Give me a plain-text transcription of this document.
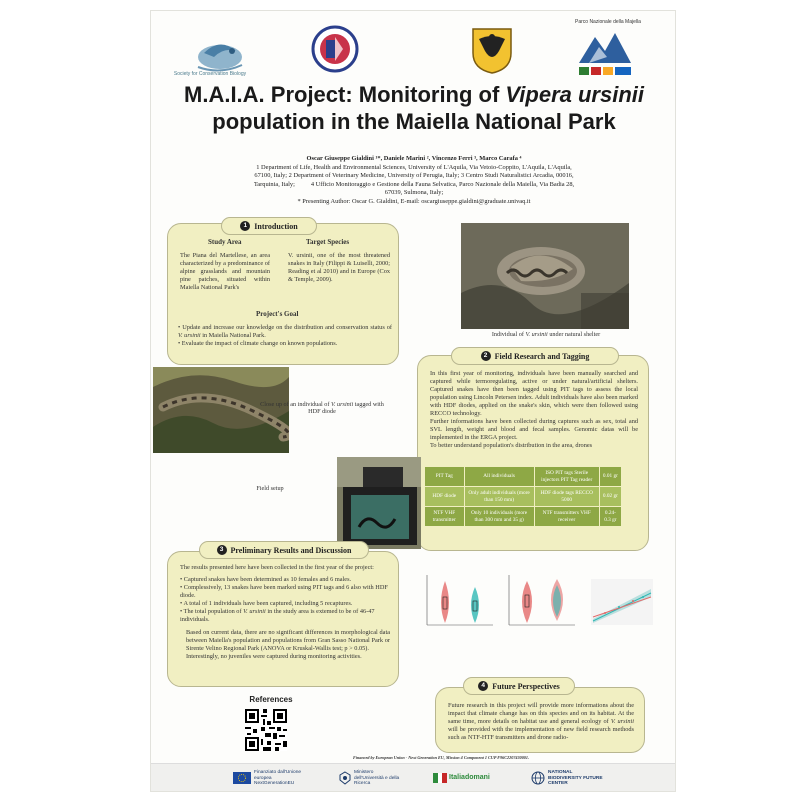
Society for Conservation Biology
Parco Nazionale della Majella
M.A.I.A. Project: Monitoring of Vipera ursinii
population in the Maiella National Park
Oscar Giuseppe Gialdini ¹*, Daniele Marini ², Vincenzo Ferri ³, Marco Carafa ⁴
1 Department of Life, Health and Environmental Sciences, University of L'Aquila, Via Vetoio-Coppito, L'Aquila, L'Aquila,
67100, Italy; 2 Department of Veterinary Medicine, University of Perugia, Italy; 3 Centro Studi Naturalistici Arcadia, 00016,
Tarquinia, Italy;          4 Ufficio Monitoraggio e Gestione della Fauna Selvatica, Parco Nazionale della Maiella, Via Badia 28,
67039, Sulmona, Italy;
* Presenting Author: Oscar G. Gialdini, E-mail: oscargiuseppe.gialdini@graduate.univaq.it
Study Area	Target Species
The Piana del Martellese, an area characterized by a predominance of alpine grasslands and mountain pine patches, situated within Maiella National Park's
V. ursinii, one of the most threatened snakes in Italy (Filippi & Luiselli, 2000; Reading et al 2010) and in Europe (Cox & Temple, 2009).
Project's Goal
• Update and increase our knowledge on the distribution and conservation status of V. ursinii in Maiella National Park.
• Evaluate the impact of climate change on known populations.
1 Introduction
Individual of V. ursinii under natural shelter
In this first year of monitoring, individuals have been manually searched and captured while termoregulating, active or under natural/artificial shelters. Captured snakes have then been tagged using PIT tags to assess the local population using Lincoln Petersen index. Adult individuals have also been marked with HDF diodes, applied on the snake's skin, which were then followed using RECCO technology.
Further informations have been collected during captures such as sex, total and SVL length, weight and blood and fecal samples. Genomic datas will be implemented in the ERGA project.
To better understand population's distribution in the area, drones
PIT Tag	All individuals	ISO PIT tags Sterile injectors PIT Tag reader	0.01 gr
HDF diode	Only adult individuals (more than 150 mm)	HDF diode tags RECCO 5000	0.02 gr
NTF VHF transmitter	Only 10 individuals (more than 300 mm and 35 g)	NTF transmitters VHF receiver	0.24-0.3 gr
2 Field Research and Tagging
Close up of an individual of V. ursinii tagged with HDF diode
Field setup
The results presented here have been collected in the first year of the project:
• Captured snakes have been determined as 10 females and 6 males.
• Complessively, 13 snakes have been marked using PIT tags and 6 also with HDF diode.
• A total of 1 individuals have been captured, including 5 recaptures.
• The total population of V. ursinii in the study area is extemed to be of 46-47 individuals.
Based on current data, there are no significant differences in morphological data between Maiella's population and populations from Gran Sasso National Park or Sirente Velino Regional Park (ANOVA or Kruskal-Wallis test; p > 0.05).
Interestingly, no juveniles were captured during monitoring activities.
3 Preliminary Results and Discussion
References
Future research in this project will provide more informations about the impact that climate change has on this species and on its habitat. At the same time, more details on habitat use and general ecology of V. ursinii will be provided with the implementation of new field research methods such as NTF-HTF transmitters and drone radio-
4 Future Perspectives
Financed by European Union - Next Generation EU, Mission 4 Component 1 CUP F96C2207430001.
Finanziato dall'Unione europea NextGenerationEU
Ministero dell'Università e della Ricerca
Italiadomani
NATIONAL BIODIVERSITY FUTURE CENTER
